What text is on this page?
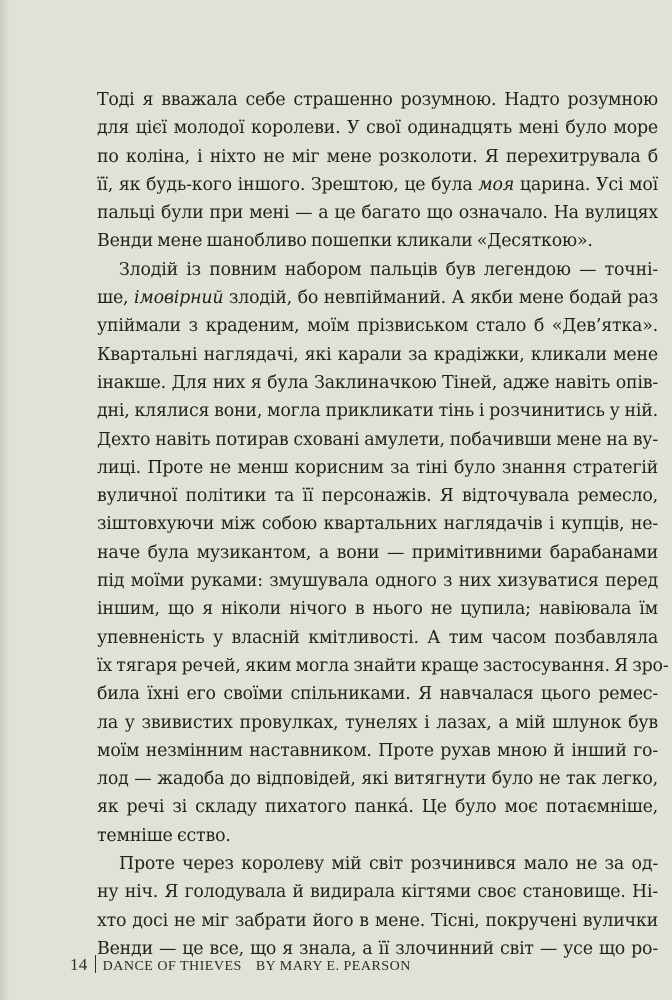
Тоді я вважала себе страшенно розумною. Надто розумною
для цієї молодої королеви. У свої одинадцять мені було море
по коліна, і ніхто не міг мене розколоти. Я перехитрувала б
її, як будь-кого іншого. Зрештою, це була моя царина. Усі мої
пальці були при мені — а це багато що означало. На вулицях
Венди мене шанобливо пошепки кликали «Десяткою».
Злодій із повним набором пальців був легендою — точні-
ше, імовірний злодій, бо невпійманий. А якби мене бодай раз
упіймали з краденим, моїм прізвиськом стало б «Дев’ятка».
Квартальні наглядачі, які карали за крадіжки, кликали мене
інакше. Для них я була Заклиначкою Тіней, адже навіть опів-
дні, клялися вони, могла прикликати тінь і розчинитись у ній.
Дехто навіть потирав сховані амулети, побачивши мене на ву-
лиці. Проте не менш корисним за тіні було знання стратегій
вуличної політики та її персонажів. Я відточувала ремесло,
зіштовхуючи між собою квартальних наглядачів і купців, не-
наче була музикантом, а вони — примітивними барабанами
під моїми руками: змушувала одного з них хизуватися перед
іншим, що я ніколи нічого в нього не цупила; навіювала їм
упевненість у власній кмітливості. А тим часом позбавляла
їх тягаря речей, яким могла знайти краще застосування. Я зро-
била їхні его своїми спільниками. Я навчалася цього ремес-
ла у звивистих провулках, тунелях і лазах, а мій шлунок був
моїм незмінним наставником. Проте рухав мною й інший го-
лод — жадоба до відповідей, які витягнути було не так легко,
як речі зі складу пихатого панкá. Це було моє потаємніше,
темніше єство.
Проте через королеву мій світ розчинився мало не за од-
ну ніч. Я голодувала й видирала кігтями своє становище. Ні-
хто досі не міг забрати його в мене. Тісні, покручені вулички
Венди — це все, що я знала, а її злочинний світ — усе що ро-
14 DANCE OF THIEVES BY MARY E. PEARSON
